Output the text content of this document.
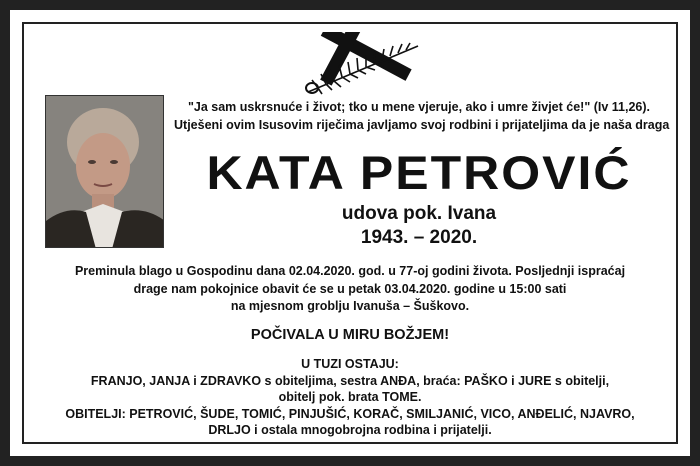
"Ja sam uskrsnuće i život; tko u mene vjeruje, ako i umre živjet će!" (Iv 11,26).
Utješeni ovim Isusovim riječima javljamo svoj rodbini i prijateljima da je naša draga
KATA PETROVIĆ
udova pok. Ivana
1943. – 2020.
Preminula blago u Gospodinu dana 02.04.2020. god. u 77-oj godini života. Posljednji ispraćaj
drage nam pokojnice obavit će se u petak 03.04.2020. godine u 15:00 sati
na mjesnom groblju Ivanuša – Šuškovo.
POČIVALA U MIRU BOŽJEM!
U TUZI OSTAJU:
FRANJO, JANJA i ZDRAVKO s obiteljima, sestra ANĐA, braća: PAŠKO i JURE s obitelji,
obitelj pok. brata TOME.
OBITELJI: PETROVIĆ, ŠUDE, TOMIĆ, PINJUŠIĆ, KORAČ, SMILJANIĆ, VICO, ANĐELIĆ, NJAVRO,
DRLJO i ostala mnogobrojna rodbina i prijatelji.
